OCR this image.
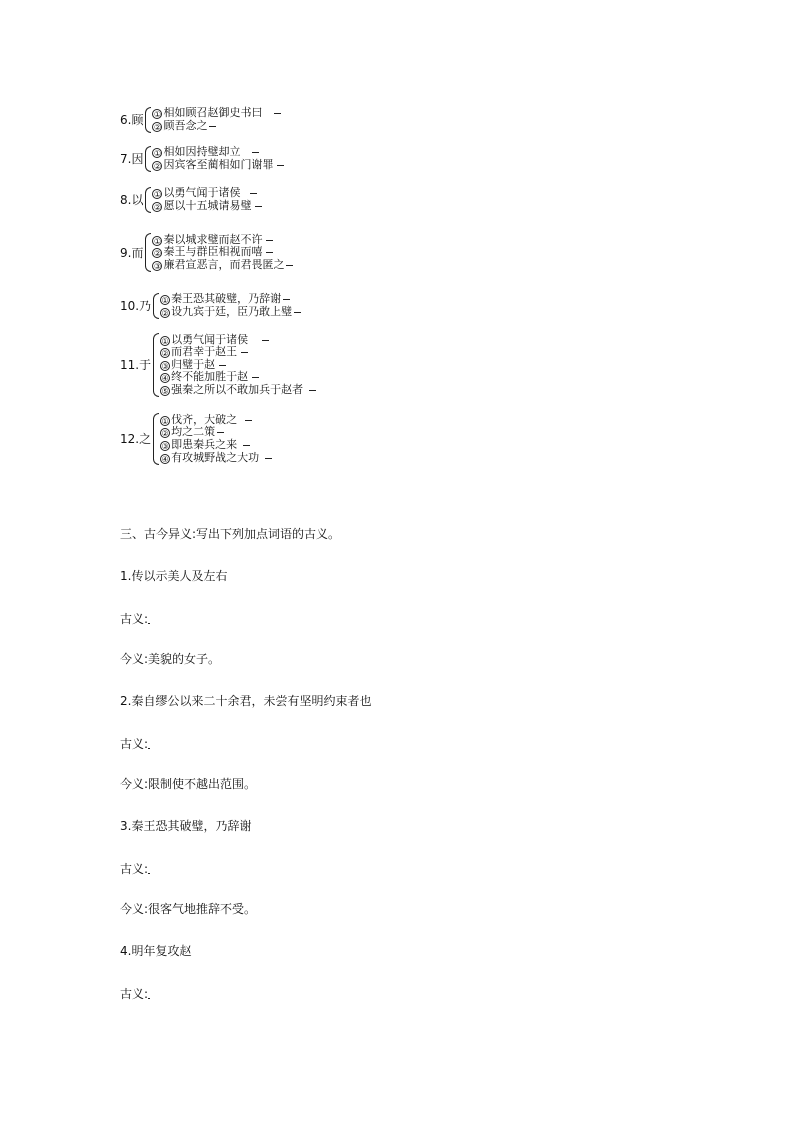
6.顾 ① 相如顾召赵御史书曰
② 顾吾念之
7.因 ① 相如因持璧却立
② 因宾客至蔺相如门谢罪
8.以 ① 以勇气闻于诸侯
② 愿以十五城请易璧
9.而
① 秦以城求璧而赵不许
② 秦王与群臣相视而嘻
③ 廉君宣恶言，而君畏匿之
10.乃 ① 秦王恐其破璧，乃辞谢
② 设九宾于廷，臣乃敢上璧
11.于
① 以勇气闻于诸侯
② 而君幸于赵王
③ 归璧于赵
④ 终不能加胜于赵
⑤ 强秦之所以不敢加兵于赵者
12.之
① 伐齐，大破之
② 均之二策
③ 即患秦兵之来
④ 有攻城野战之大功
三、古今异义:写出下列加点词语的古义。
1.传以示美人及左右
古义:
今义:美貌的女子。
2.秦自缪公以来二十余君，未尝有坚明约束者也
古义:
今义:限制使不越出范围。
3.秦王恐其破璧，乃辞谢
古义:
今义:很客气地推辞不受。
4.明年复攻赵
古义:
